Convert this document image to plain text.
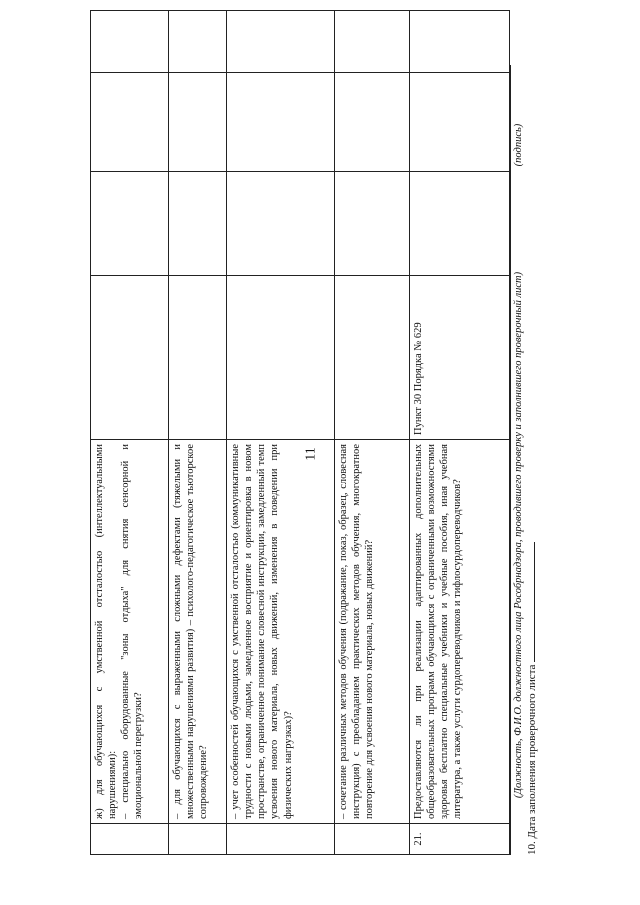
11

	ж) для обучающихся с умственной отсталостью (интеллектуальными нарушениями): – специально оборудованные "зоны отдыха" для снятия сенсорной и эмоциональной перегрузки?				

	– для обучающихся с выраженными сложными дефектами (тяжелыми и множественными нарушениями развития) – психолого-педагогическое тьюторское сопровождение?				

	– учет особенностей обучающихся с умственной отсталостью (коммуникативные трудности с новыми людьми, замедленное восприятие и ориентировка в новом пространстве, ограниченное понимание словесной инструкции, замедленный темп усвоения нового материала, новых движений, изменения в поведении при физических нагрузках)?				

	– сочетание различных методов обучения (подражание, показ, образец, словесная инструкция) с преобладанием практических методов обучения, многократное повторение для усвоения нового материала, новых движений?				

21.	Предоставляются ли при реализации адаптированных дополнительных общеобразовательных программ обучающимся с ограниченными возможностями здоровья бесплатно специальные учебники и учебные пособия, иная учебная литература, а также услуги сурдопереводчиков и тифлосурдопереводчиков?	Пункт 30 Порядка № 629			
10. Дата заполнения проверочного листа
(Должность, Ф.И.О. должностного лица Рособрнадзора, проводившего проверку и заполнившего проверочный лист)(подпись)
